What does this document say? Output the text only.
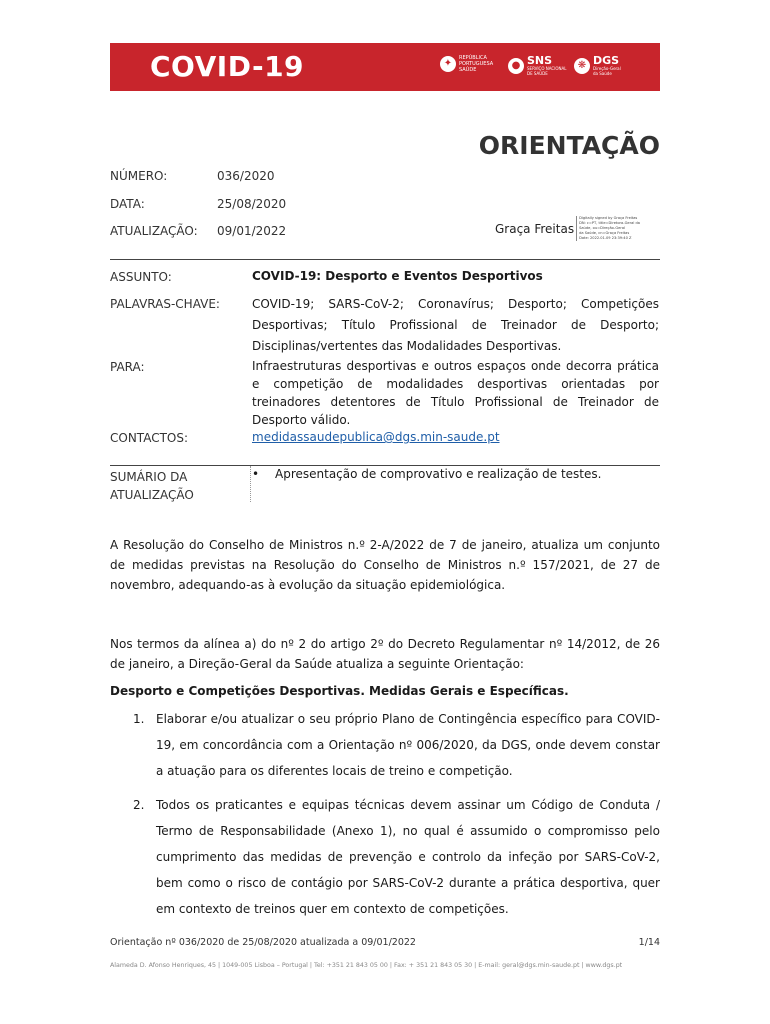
COVID-19	✦	REPÚBLICA
PORTUGUESA
SAÚDE	● SNS
SERVIÇO NACIONAL
DE SAÚDE
❋ DGS
Direção-Geral
da Saúde
ORIENTAÇÃO
NÚMERO:	036/2020
DATA:	25/08/2020
ATUALIZAÇÃO: 09/01/2022	Graça Freitas
Digitally signed by Graça Freitas
DN: c=PT, title=Diretora-Geral da
Saúde, ou=Direção-Geral
da Saúde, cn=Graça Freitas
Date: 2022.01.09 23:39:40 Z
ASSUNTO:	COVID-19: Desporto e Eventos Desportivos
PALAVRAS-CHAVE:	COVID-19; SARS-CoV-2; Coronavírus; Desporto; Competições Desportivas; Título Profissional de Treinador de Desporto; Disciplinas/vertentes das Modalidades Desportivas.
PARA:	Infraestruturas desportivas e outros espaços onde decorra prática e competição de modalidades desportivas orientadas por treinadores detentores de Título Profissional de Treinador de Desporto válido.
CONTACTOS:	medidassaudepublica@dgs.min-saude.pt
SUMÁRIO DA
ATUALIZAÇÃO
• Apresentação de comprovativo e realização de testes.
A Resolução do Conselho de Ministros n.º 2-A/2022 de 7 de janeiro, atualiza um conjunto de medidas previstas na Resolução do Conselho de Ministros n.º 157/2021, de 27 de novembro, adequando-as à evolução da situação epidemiológica.
Nos termos da alínea a) do nº 2 do artigo 2º do Decreto Regulamentar nº 14/2012, de 26 de janeiro, a Direção-Geral da Saúde atualiza a seguinte Orientação:
Desporto e Competições Desportivas. Medidas Gerais e Específicas.
1. Elaborar e/ou atualizar o seu próprio Plano de Contingência específico para COVID-19, em concordância com a Orientação nº 006/2020, da DGS, onde devem constar a atuação para os diferentes locais de treino e competição.
2. Todos os praticantes e equipas técnicas devem assinar um Código de Conduta / Termo de Responsabilidade (Anexo 1), no qual é assumido o compromisso pelo cumprimento das medidas de prevenção e controlo da infeção por SARS-CoV-2, bem como o risco de contágio por SARS-CoV-2 durante a prática desportiva, quer em contexto de treinos quer em contexto de competições.
Orientação nº 036/2020 de 25/08/2020 atualizada a 09/01/2022	1/14
Alameda D. Afonso Henriques, 45 | 1049-005 Lisboa – Portugal | Tel: +351 21 843 05 00 | Fax: + 351 21 843 05 30 | E-mail: geral@dgs.min-saude.pt | www.dgs.pt
